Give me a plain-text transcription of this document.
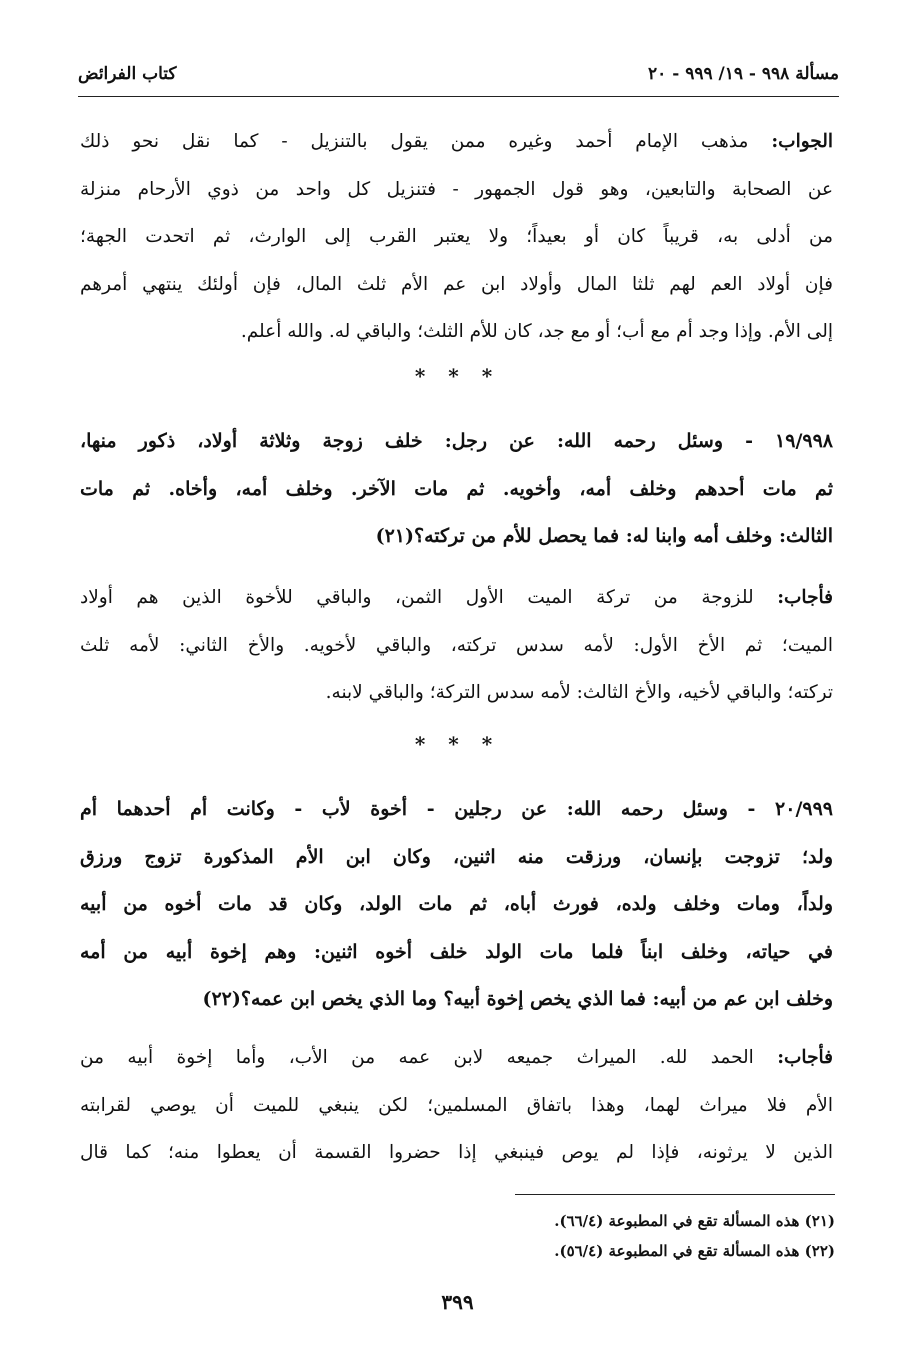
مسألة ٩٩٨ - ١٩/ ٩٩٩ - ٢٠
كتاب الفرائض
الجواب: مذهب الإمام أحمد وغيره ممن يقول بالتنزيل - كما نقل نحو ذلك
عن الصحابة والتابعين، وهو قول الجمهور - فتنزيل كل واحد من ذوي الأرحام منزلة
من أدلى به، قريباً كان أو بعيداً؛ ولا يعتبر القرب إلى الوارث، ثم اتحدت الجهة؛
فإن أولاد العم لهم ثلثا المال وأولاد ابن عم الأم ثلث المال، فإن أولئك ينتهي أمرهم
إلى الأم. وإذا وجد أم مع أب؛ أو مع جد، كان للأم الثلث؛ والباقي له. والله أعلم.
* * *
١٩/٩٩٨ - وسئل رحمه الله: عن رجل: خلف زوجة وثلاثة أولاد، ذكور منها،
ثم مات أحدهم وخلف أمه، وأخويه. ثم مات الآخر. وخلف أمه، وأخاه. ثم مات
الثالث: وخلف أمه وابنا له: فما يحصل للأم من تركته؟(٢١)
فأجاب: للزوجة من تركة الميت الأول الثمن، والباقي للأخوة الذين هم أولاد
الميت؛ ثم الأخ الأول: لأمه سدس تركته، والباقي لأخويه. والأخ الثاني: لأمه ثلث
تركته؛ والباقي لأخيه، والأخ الثالث: لأمه سدس التركة؛ والباقي لابنه.
* * *
٢٠/٩٩٩ - وسئل رحمه الله: عن رجلين - أخوة لأب - وكانت أم أحدهما أم
ولد؛ تزوجت بإنسان، ورزقت منه اثنين، وكان ابن الأم المذكورة تزوج ورزق
ولداً، ومات وخلف ولده، فورث أباه، ثم مات الولد، وكان قد مات أخوه من أبيه
في حياته، وخلف ابناً فلما مات الولد خلف أخوه اثنين: وهم إخوة أبيه من أمه
وخلف ابن عم من أبيه: فما الذي يخص إخوة أبيه؟ وما الذي يخص ابن عمه؟(٢٢)
فأجاب: الحمد لله. الميراث جميعه لابن عمه من الأب، وأما إخوة أبيه من
الأم فلا ميراث لهما، وهذا باتفاق المسلمين؛ لكن ينبغي للميت أن يوصي لقرابته
الذين لا يرثونه، فإذا لم يوص فينبغي إذا حضروا القسمة أن يعطوا منه؛ كما قال
(٢١) هذه المسألة تقع في المطبوعة (٦٦/٤).
(٢٢) هذه المسألة تقع في المطبوعة (٥٦/٤).
٣٩٩
